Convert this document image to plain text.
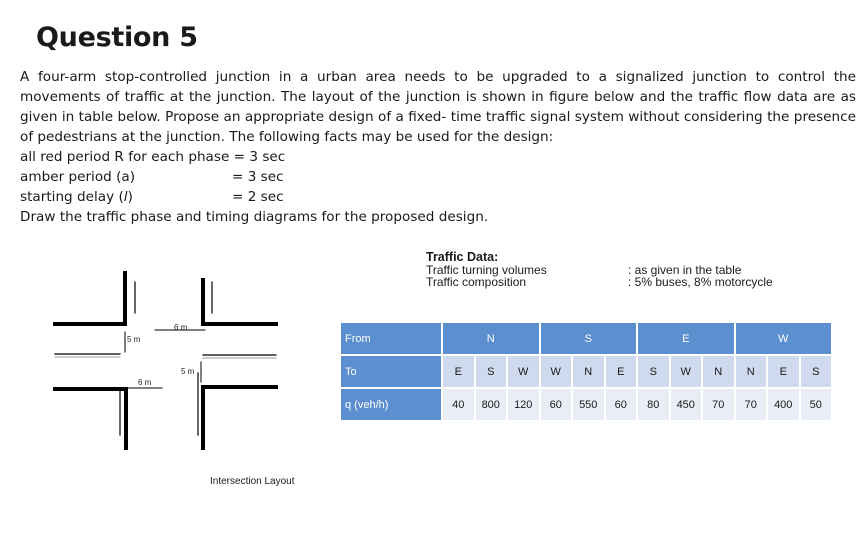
Question 5

A four-arm stop-controlled junction in a urban area needs to be upgraded to a signalized junction to control the movements of traffic at the junction. The layout of the junction is shown in figure below and the traffic flow data are as given in table below. Propose an appropriate design of a fixed- time traffic signal system without considering the presence of pedestrians at the junction. The following facts may be used for the design:

all red period R for each phase = 3 sec

amber period (a)	= 3 sec
starting delay (l)	= 2 sec

Draw the traffic phase and timing diagrams for the proposed design.

Traffic Data:
Traffic turning volumes	: as given in the table
Traffic composition	: 5% buses, 8% motorcycle
6 m
5 m
5 m
6 m
Intersection Layout
From	N			S			E			W		
To	E	S	W	W	N	E	S	W	N	N	E	S
q (veh/h)	40	800	120	60	550	60	80	450	70	70	400	50
